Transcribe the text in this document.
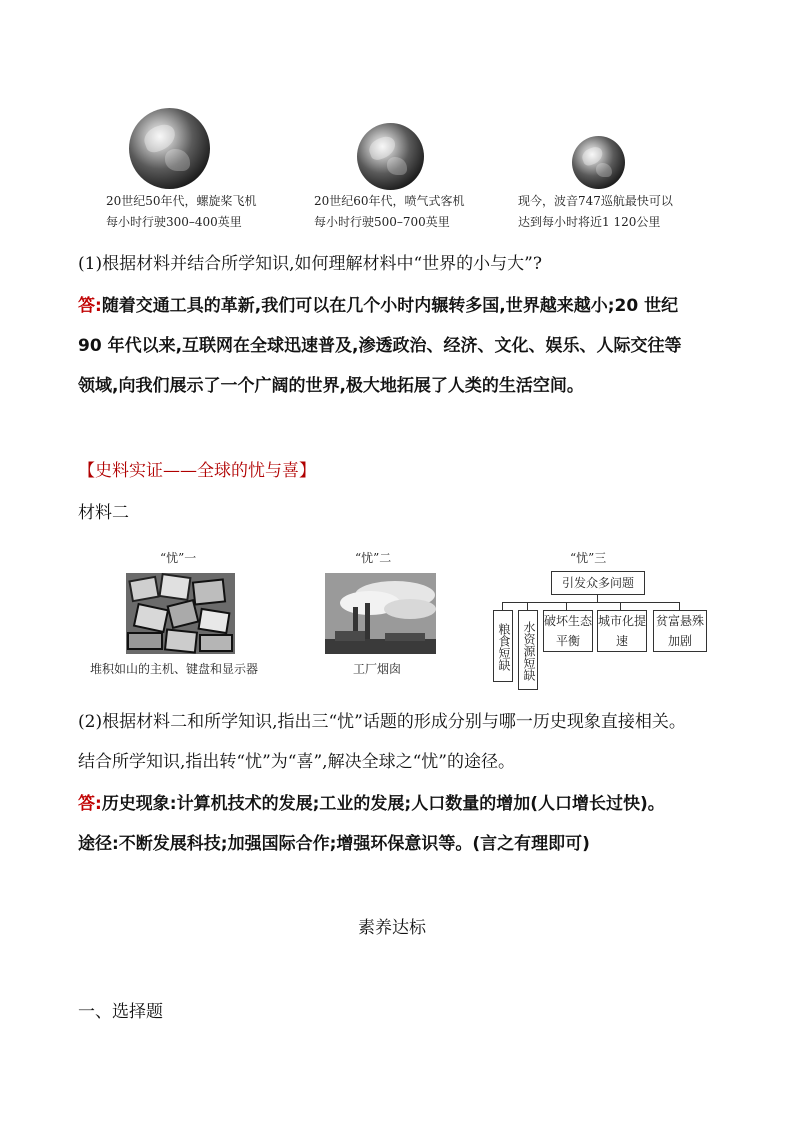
20世纪50年代，螺旋桨飞机
每小时行驶300–400英里
20世纪60年代，喷气式客机
每小时行驶500–700英里
现今，波音747巡航最快可以
达到每小时将近1 120公里
(1)根据材料并结合所学知识,如何理解材料中“世界的小与大”?
答:随着交通工具的革新,我们可以在几个小时内辗转多国,世界越来越小;20 世纪
90 年代以来,互联网在全球迅速普及,渗透政治、经济、文化、娱乐、人际交往等
领域,向我们展示了一个广阔的世界,极大地拓展了人类的生活空间。
【史料实证——全球的忧与喜】
材料二
“忧”一
堆积如山的主机、键盘和显示器
“忧”二
工厂烟囱
“忧”三
引发众多问题
粮食短缺 水资源短缺 破坏生态平衡
城市化提速
贫富悬殊加剧
(2)根据材料二和所学知识,指出三“忧”话题的形成分别与哪一历史现象直接相关。
结合所学知识,指出转“忧”为“喜”,解决全球之“忧”的途径。
答:历史现象:计算机技术的发展;工业的发展;人口数量的增加(人口增长过快)。
途径:不断发展科技;加强国际合作;增强环保意识等。(言之有理即可)
素养达标
一、选择题
